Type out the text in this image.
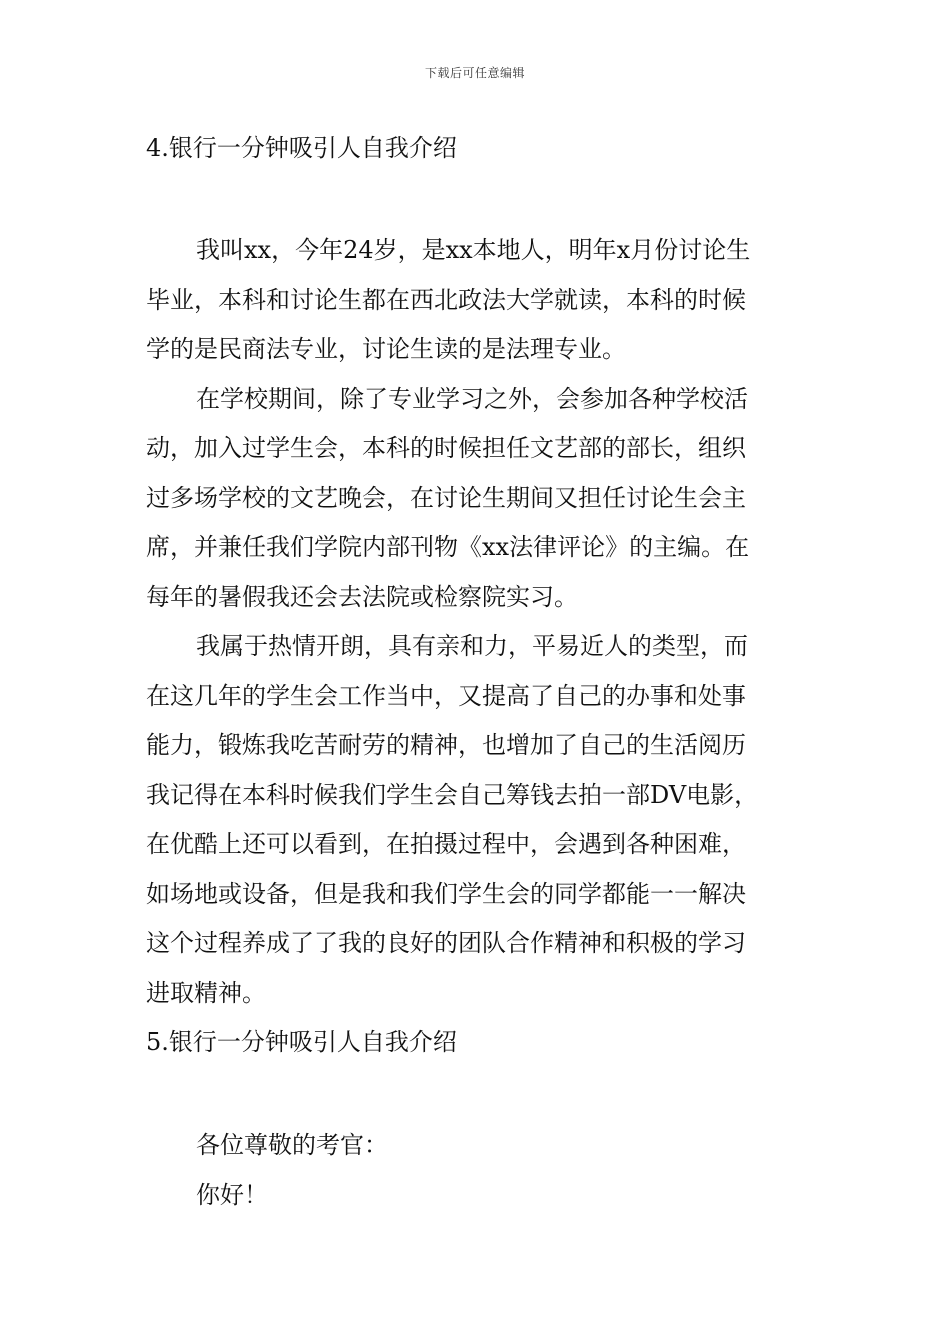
下载后可任意编辑
4.银行一分钟吸引人自我介绍
我叫xx，今年24岁，是xx本地人，明年x月份讨论生
毕业，本科和讨论生都在西北政法大学就读，本科的时候
学的是民商法专业，讨论生读的是法理专业。
在学校期间，除了专业学习之外，会参加各种学校活
动，加入过学生会，本科的时候担任文艺部的部长，组织
过多场学校的文艺晚会，在讨论生期间又担任讨论生会主
席，并兼任我们学院内部刊物《xx法律评论》的主编。在
每年的暑假我还会去法院或检察院实习。
我属于热情开朗，具有亲和力，平易近人的类型，而
在这几年的学生会工作当中，又提高了自己的办事和处事
能力，锻炼我吃苦耐劳的精神，也增加了自己的生活阅历
我记得在本科时候我们学生会自己筹钱去拍一部DV电影，
在优酷上还可以看到，在拍摄过程中，会遇到各种困难，
如场地或设备，但是我和我们学生会的同学都能一一解决
这个过程养成了了我的良好的团队合作精神和积极的学习
进取精神。
5.银行一分钟吸引人自我介绍
各位尊敬的考官：
你好！
